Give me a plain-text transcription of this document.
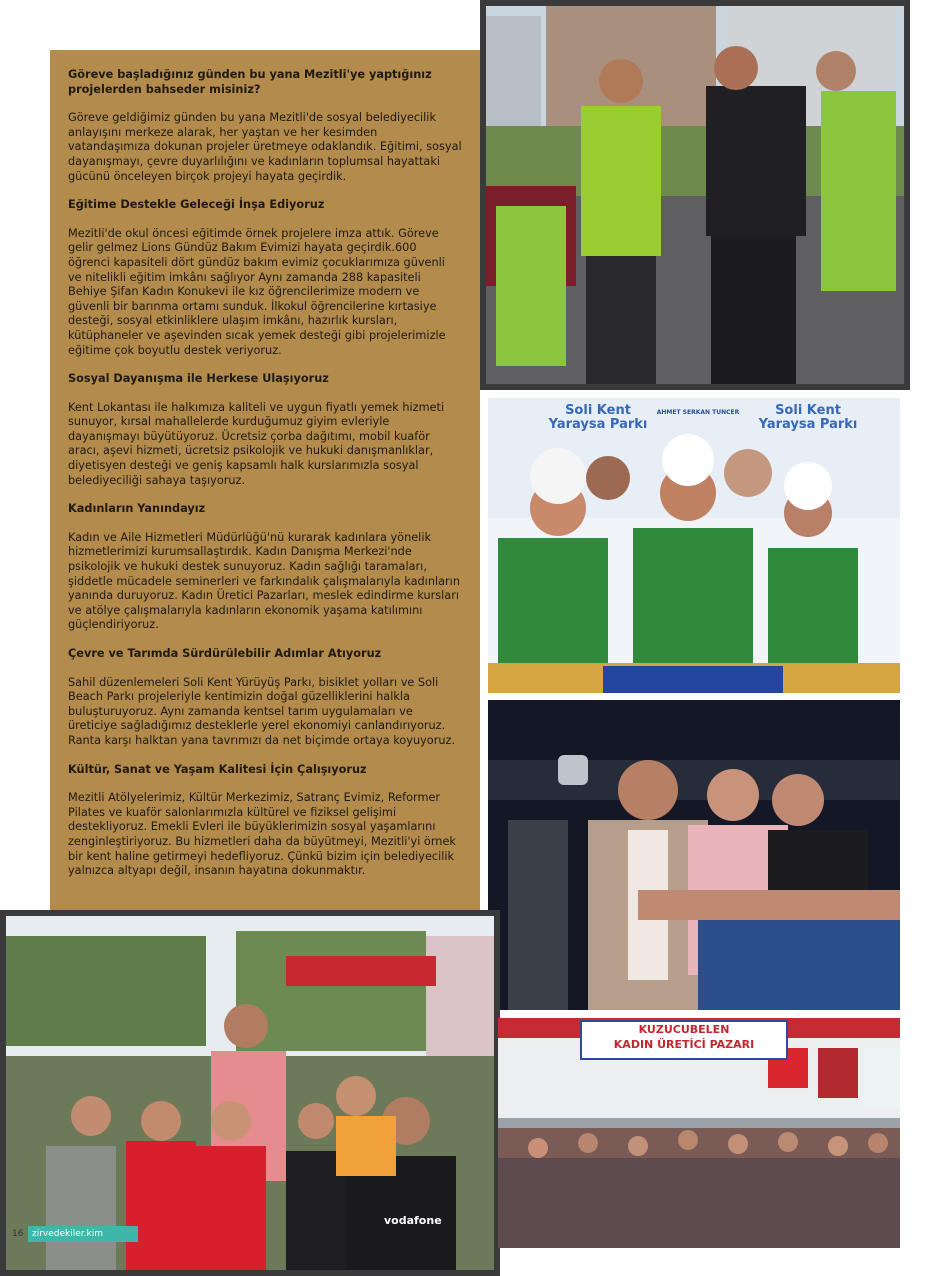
Göreve başladığınız günden bu yana Mezitli'ye yaptığınız projelerden bahseder misiniz?

Göreve geldiğimiz günden bu yana Mezitli'de sosyal belediyecilik anlayışını merkeze alarak, her yaştan ve her kesimden vatandaşımıza dokunan projeler üretmeye odaklandık. Eğitimi, sosyal dayanışmayı, çevre duyarlılığını ve kadınların toplumsal hayattaki gücünü önceleyen birçok projeyi hayata geçirdik.

Eğitime Destekle Geleceği İnşa Ediyoruz

Mezitli'de okul öncesi eğitimde örnek projelere imza attık. Göreve gelir gelmez Lions Gündüz Bakım Evimizi hayata geçirdik.600 öğrenci kapasiteli dört gündüz bakım evimiz çocuklarımıza güvenli ve nitelikli eğitim imkânı sağlıyor Aynı zamanda 288 kapasiteli Behiye Şifan Kadın Konukevi ile kız öğrencilerimize modern ve güvenli bir barınma ortamı sunduk. İlkokul öğrencilerine kırtasiye desteği, sosyal etkinliklere ulaşım imkânı, hazırlık kursları, kütüphaneler ve aşevinden sıcak yemek desteği gibi projelerimizle eğitime çok boyutlu destek veriyoruz.

Sosyal Dayanışma ile Herkese Ulaşıyoruz

Kent Lokantası ile halkımıza kaliteli ve uygun fiyatlı yemek hizmeti sunuyor, kırsal mahallelerde kurduğumuz giyim evleriyle dayanışmayı büyütüyoruz. Ücretsiz çorba dağıtımı, mobil kuaför aracı, aşevi hizmeti, ücretsiz psikolojik ve hukuki danışmanlıklar, diyetisyen desteği ve geniş kapsamlı halk kurslarımızla sosyal belediyeciliği sahaya taşıyoruz.

Kadınların Yanındayız

Kadın ve Aile Hizmetleri Müdürlüğü'nü kurarak kadınlara yönelik hizmetlerimizi kurumsallaştırdık. Kadın Danışma Merkezi'nde psikolojik ve hukuki destek sunuyoruz. Kadın sağlığı taramaları, şiddetle mücadele seminerleri ve farkındalık çalışmalarıyla kadınların yanında duruyoruz. Kadın Üretici Pazarları, meslek edindirme kursları ve atölye çalışmalarıyla kadınların ekonomik yaşama katılımını güçlendiriyoruz.

Çevre ve Tarımda Sürdürülebilir Adımlar Atıyoruz

Sahil düzenlemeleri Soli Kent Yürüyüş Parkı, bisiklet yolları ve Soli Beach Parkı projeleriyle kentimizin doğal güzelliklerini halkla buluşturuyoruz. Aynı zamanda kentsel tarım uygulamaları ve üreticiye sağladığımız desteklerle yerel ekonomiyi canlandırıyoruz. Ranta karşı halktan yana tavrımızı da net biçimde ortaya koyuyoruz.

Kültür, Sanat ve Yaşam Kalitesi İçin Çalışıyoruz

Mezitli Atölyelerimiz, Kültür Merkezimiz, Satranç Evimiz, Reformer Pilates ve kuaför salonlarımızla kültürel ve fiziksel gelişimi destekliyoruz. Emekli Evleri ile büyüklerimizin sosyal yaşamlarını zenginleştiriyoruz. Bu hizmetleri daha da büyütmeyi, Mezitli'yi örnek bir kent haline getirmeyi hedefliyoruz. Çünkü bizim için belediyecilik yalnızca altyapı değil, insanın hayatına dokunmaktır.

Soli Kent
Yaraysa Parkı
Soli Kent
Yaraysa Parkı
AHMET SERKAN TUNCER
vodafone
KUZUCUBELEN
KADIN ÜRETİCİ PAZARI
16 zirvedekiler.kim
